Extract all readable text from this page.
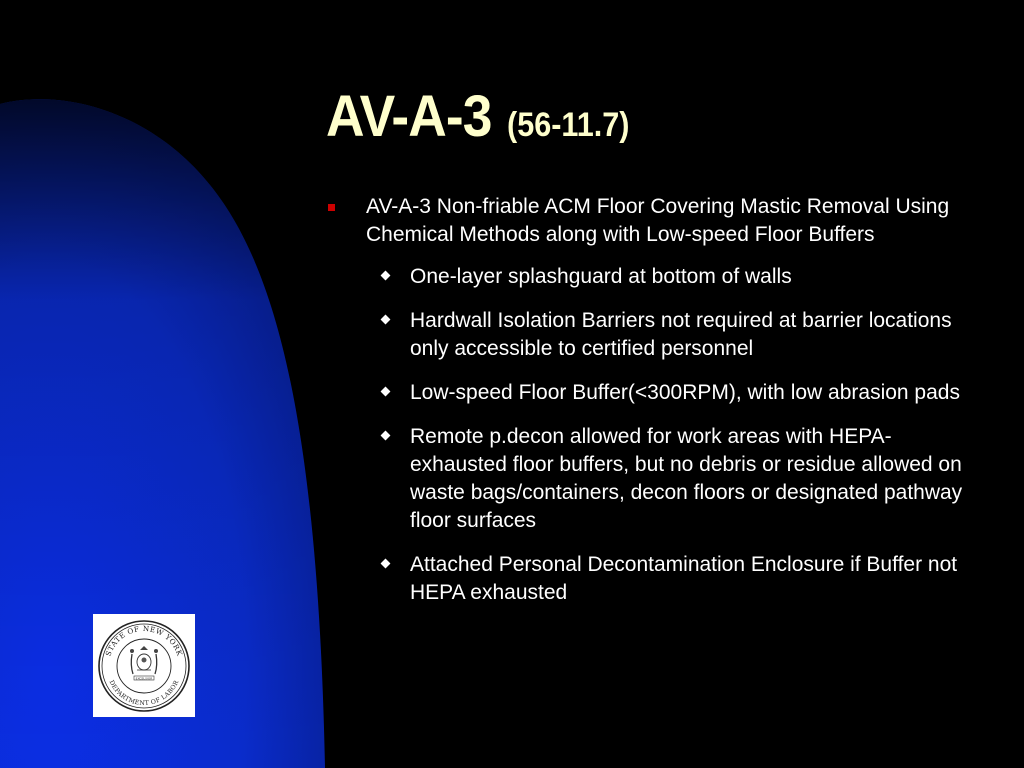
AV-A-3 (56-11.7)
AV-A-3 Non-friable ACM Floor Covering Mastic Removal Using Chemical Methods along with Low-speed Floor Buffers
One-layer splashguard at bottom of walls
Hardwall Isolation Barriers not required at barrier locations only accessible to certified personnel
Low-speed Floor Buffer(<300RPM), with low abrasion pads
Remote p.decon allowed for work areas with HEPA-exhausted floor buffers, but no debris or residue allowed on waste bags/containers, decon floors or designated pathway floor surfaces
Attached Personal Decontamination Enclosure if Buffer not HEPA exhausted
STATE OF NEW YORK
DEPARTMENT OF LABOR
EXCELSIOR
